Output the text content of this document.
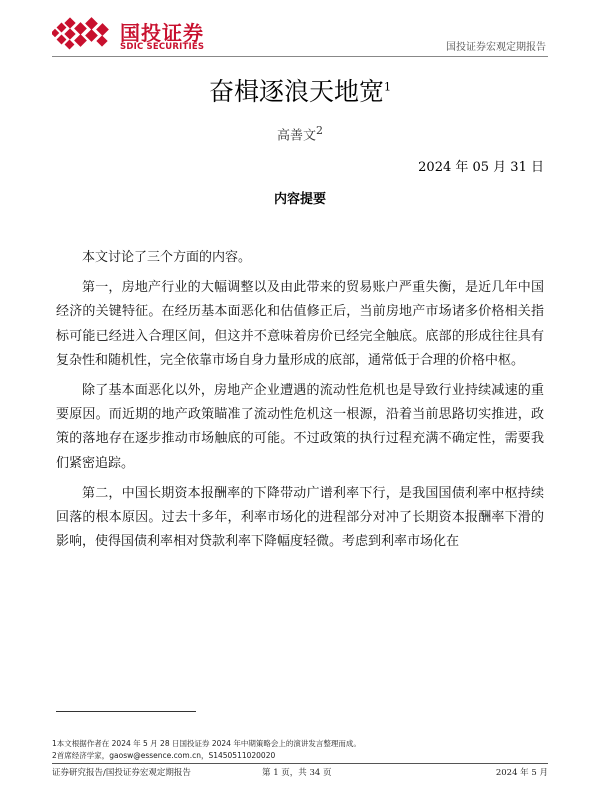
国投证券
SDIC SECURITIES	国投证券宏观定期报告
奋楫逐浪天地宽$^1$
高善文$^2$
2024 年 05 月 31 日
内容提要

本文讨论了三个方面的内容。

第一，房地产行业的大幅调整以及由此带来的贸易账户严重失衡，是近几年中国经济的关键特征。在经历基本面恶化和估值修正后，当前房地产市场诸多价格相关指标可能已经进入合理区间，但这并不意味着房价已经完全触底。底部的形成往往具有复杂性和随机性，完全依靠市场自身力量形成的底部，通常低于合理的价格中枢。

除了基本面恶化以外，房地产企业遭遇的流动性危机也是导致行业持续减速的重要原因。而近期的地产政策瞄准了流动性危机这一根源，沿着当前思路切实推进，政策的落地存在逐步推动市场触底的可能。不过政策的执行过程充满不确定性，需要我们紧密追踪。

第二，中国长期资本报酬率的下降带动广谱利率下行，是我国国债利率中枢持续回落的根本原因。过去十多年，利率市场化的进程部分对冲了长期资本报酬率下滑的影响，使得国债利率相对贷款利率下降幅度轻微。考虑到利率市场化在

1本文根据作者在 2024 年 5 月 28 日国投证券 2024 年中期策略会上的演讲发言整理而成。
2首席经济学家，gaosw@essence.com.cn，S1450511020020
证券研究报告/国投证券宏观定期报告	第 1 页，共 34 页	2024 年 5 月
